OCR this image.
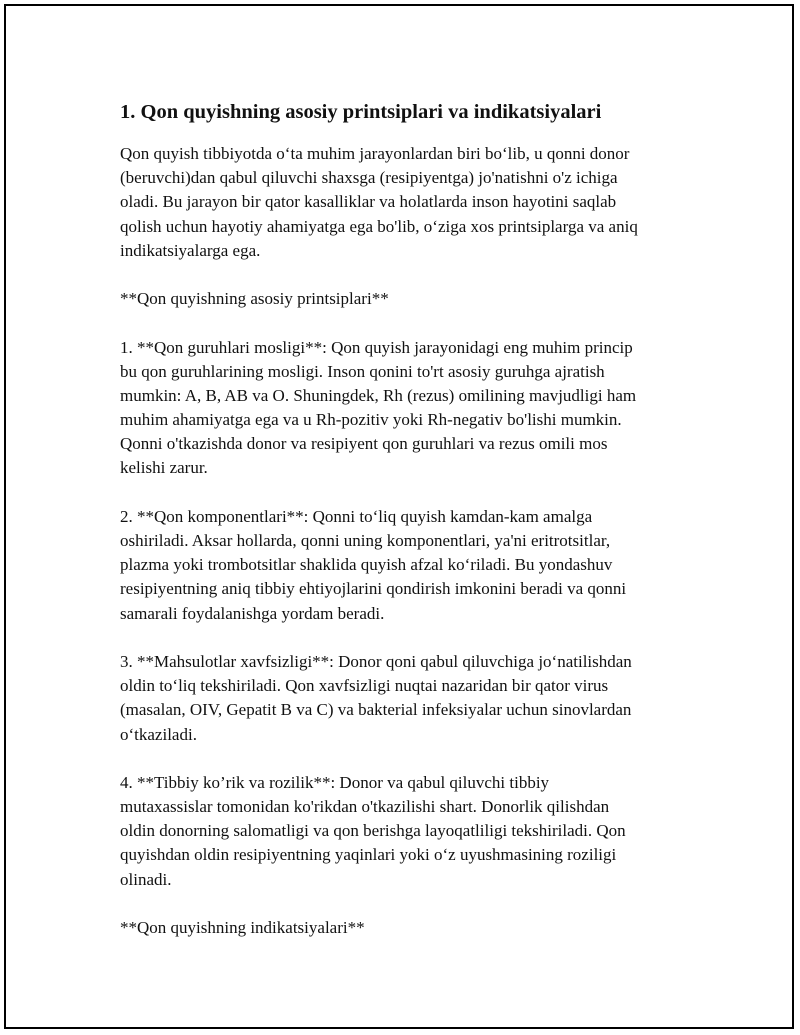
1. Qon quyishning asosiy printsiplari va indikatsiyalari
Qon quyish tibbiyotda o‘ta muhim jarayonlardan biri bo‘lib, u qonni donor
(beruvchi)dan qabul qiluvchi shaxsga (resipiyentga) jo'natishni o'z ichiga
oladi. Bu jarayon bir qator kasalliklar va holatlarda inson hayotini saqlab
qolish uchun hayotiy ahamiyatga ega bo'lib, o‘ziga xos printsiplarga va aniq
indikatsiyalarga ega.
**Qon quyishning asosiy printsiplari**
1. **Qon guruhlari mosligi**: Qon quyish jarayonidagi eng muhim princip
bu qon guruhlarining mosligi. Inson qonini to'rt asosiy guruhga ajratish
mumkin: A, B, AB va O. Shuningdek, Rh (rezus) omilining mavjudligi ham
muhim ahamiyatga ega va u Rh-pozitiv yoki Rh-negativ bo'lishi mumkin.
Qonni o'tkazishda donor va resipiyent qon guruhlari va rezus omili mos
kelishi zarur.
2. **Qon komponentlari**: Qonni to‘liq quyish kamdan-kam amalga
oshiriladi. Aksar hollarda, qonni uning komponentlari, ya'ni eritrotsitlar,
plazma yoki trombotsitlar shaklida quyish afzal ko‘riladi. Bu yondashuv
resipiyentning aniq tibbiy ehtiyojlarini qondirish imkonini beradi va qonni
samarali foydalanishga yordam beradi.
3. **Mahsulotlar xavfsizligi**: Donor qoni qabul qiluvchiga jo‘natilishdan
oldin to‘liq tekshiriladi. Qon xavfsizligi nuqtai nazaridan bir qator virus
(masalan, OIV, Gepatit B va C) va bakterial infeksiyalar uchun sinovlardan
o‘tkaziladi.
4. **Tibbiy ko’rik va rozilik**: Donor va qabul qiluvchi tibbiy
mutaxassislar tomonidan ko'rikdan o'tkazilishi shart. Donorlik qilishdan
oldin donorning salomatligi va qon berishga layoqatliligi tekshiriladi. Qon
quyishdan oldin resipiyentning yaqinlari yoki o‘z uyushmasining roziligi
olinadi.
**Qon quyishning indikatsiyalari**
